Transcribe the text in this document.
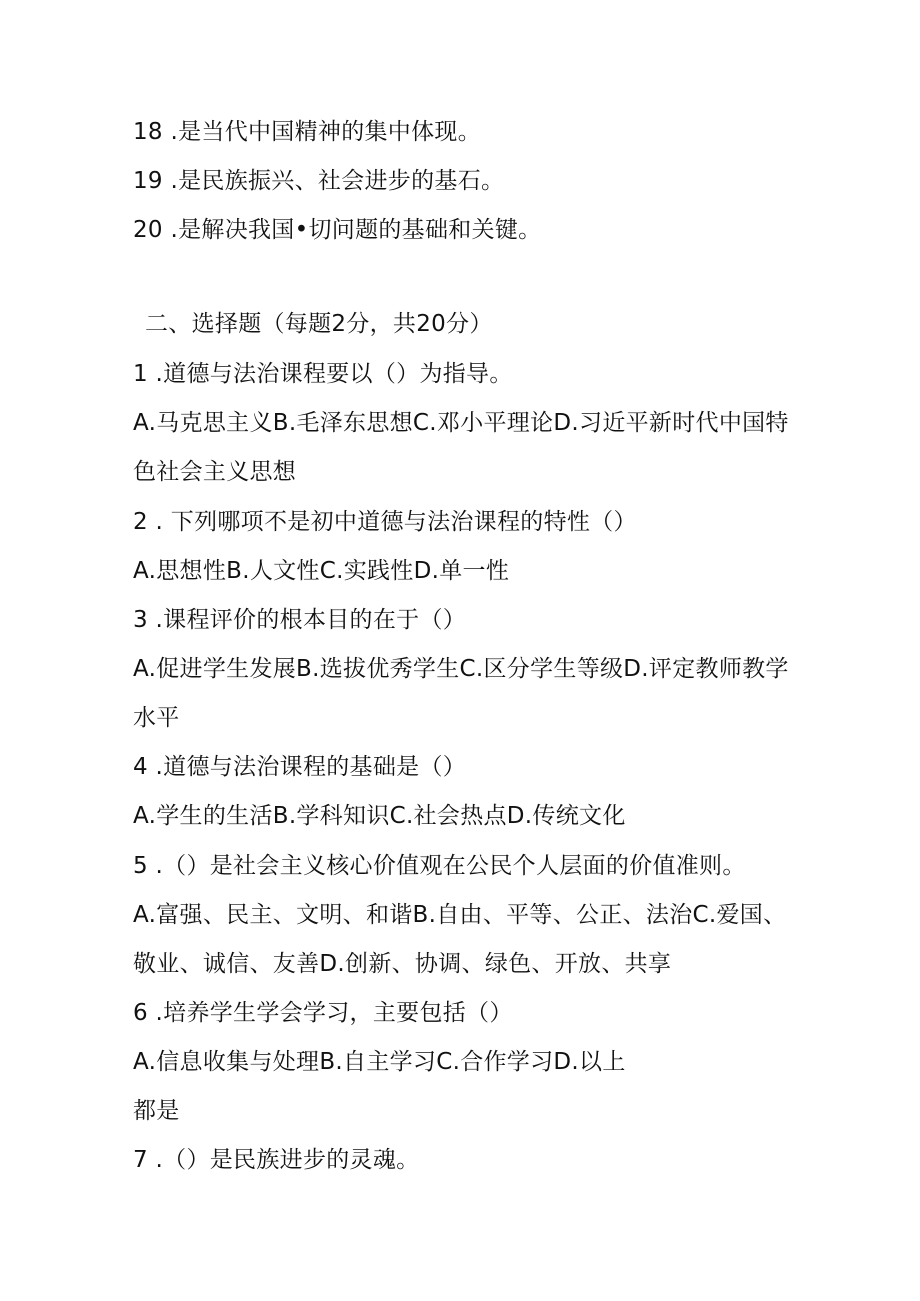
18 .是当代中国精神的集中体现。
19 .是民族振兴、社会进步的基石。
20 .是解决我国•切问题的基础和关键。
二、选择题（每题2分，共20分）
1 .道德与法治课程要以（）为指导。
A.马克思主义B.毛泽东思想C.邓小平理论D.习近平新时代中国特
色社会主义思想
2 . 下列哪项不是初中道德与法治课程的特性（）
A.思想性B.人文性C.实践性D.单一性
3 .课程评价的根本目的在于（）
A.促进学生发展B.选拔优秀学生C.区分学生等级D.评定教师教学
水平
4 .道德与法治课程的基础是（）
A.学生的生活B.学科知识C.社会热点D.传统文化
5 .（）是社会主义核心价值观在公民个人层面的价值准则。
A.富强、民主、文明、和谐B.自由、平等、公正、法治C.爱国、
敬业、诚信、友善D.创新、协调、绿色、开放、共享
6 .培养学生学会学习，主要包括（）
A.信息收集与处理B.自主学习C.合作学习D.以上
都是
7 .（）是民族进步的灵魂。
